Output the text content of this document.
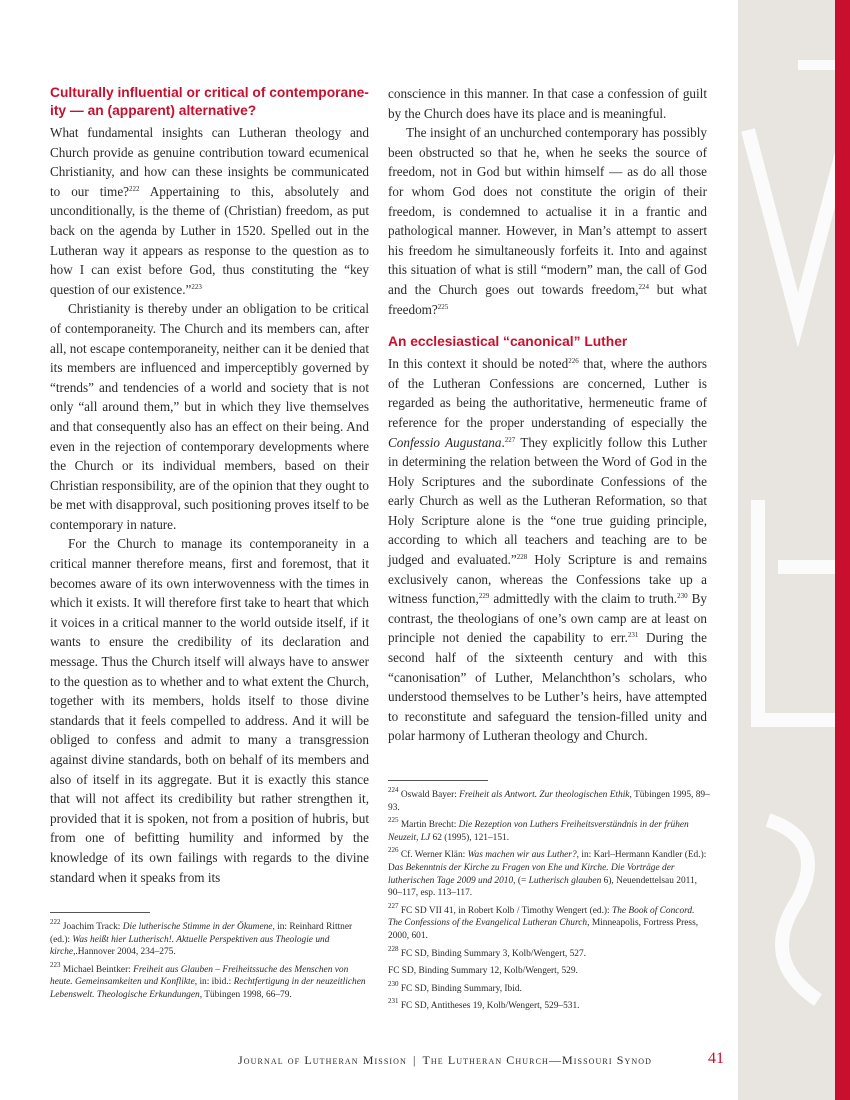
Culturally influential or critical of contemporane-ity — an (apparent) alternative?

What fundamental insights can Lutheran theology and Church provide as genuine contribution toward ecumenical Christianity, and how can these insights be communicated to our time?$^{222}$ Appertaining to this, absolutely and unconditionally, is the theme of (Christian) freedom, as put back on the agenda by Luther in 1520. Spelled out in the Lutheran way it appears as response to the question as to how I can exist before God, thus constituting the “key question of our existence.”$^{223}$

Christianity is thereby under an obligation to be critical of contemporaneity. The Church and its members can, after all, not escape contemporaneity, neither can it be denied that its members are influenced and imperceptibly governed by “trends” and tendencies of a world and society that is not only “all around them,” but in which they live themselves and that consequently also has an effect on their being. And even in the rejection of contemporary developments where the Church or its individual members, based on their Christian responsibility, are of the opinion that they ought to be met with disapproval, such positioning proves itself to be contemporary in nature.

For the Church to manage its contemporaneity in a critical manner therefore means, first and foremost, that it becomes aware of its own interwovenness with the times in which it exists. It will therefore first take to heart that which it voices in a critical manner to the world outside itself, if it wants to ensure the credibility of its declaration and message. Thus the Church itself will always have to answer to the question as to whether and to what extent the Church, together with its members, holds itself to those divine standards that it feels compelled to address. And it will be obliged to confess and admit to many a transgression against divine standards, both on behalf of its members and also of itself in its aggregate. But it is exactly this stance that will not affect its credibility but rather strengthen it, provided that it is spoken, not from a position of hubris, but from one of befitting humility and informed by the knowledge of its own failings with regards to the divine standard when it speaks from its

conscience in this manner. In that case a confession of guilt by the Church does have its place and is meaningful.

The insight of an unchurched contemporary has possibly been obstructed so that he, when he seeks the source of freedom, not in God but within himself — as do all those for whom God does not constitute the origin of their freedom, is condemned to actualise it in a frantic and pathological manner. However, in Man’s attempt to assert his freedom he simultaneously forfeits it. Into and against this situation of what is still “modern” man, the call of God and the Church goes out towards freedom,$^{224}$ but what freedom?$^{225}$

An ecclesiastical “canonical” Luther

In this context it should be noted$^{226}$ that, where the authors of the Lutheran Confessions are concerned, Luther is regarded as being the authoritative, hermeneutic frame of reference for the proper understanding of especially the Confessio Augustana.$^{227}$ They explicitly follow this Luther in determining the relation between the Word of God in the Holy Scriptures and the subordinate Confessions of the early Church as well as the Lutheran Reformation, so that Holy Scripture alone is the “one true guiding principle, according to which all teachers and teaching are to be judged and evaluated.”$^{228}$ Holy Scripture is and remains exclusively canon, whereas the Confessions take up a witness function,$^{229}$ admittedly with the claim to truth.$^{230}$ By contrast, the theologians of one’s own camp are at least on principle not denied the capability to err.$^{231}$ During the second half of the sixteenth century and with this “canonisation” of Luther, Melanchthon’s scholars, who understood themselves to be Luther’s heirs, have attempted to reconstitute and safeguard the tension-filled unity and polar harmony of Lutheran theology and Church.

$^{222}$ Joachim Track: Die lutherische Stimme in der Ökumene, in: Reinhard Rittner (ed.): Was heißt hier Lutherisch!. Aktuelle Perspektiven aus Theologie und kirche,.Hannover 2004, 234–275.

$^{223}$ Michael Beintker: Freiheit aus Glauben – Freiheitssuche des Menschen von heute. Gemeinsamkeiten und Konflikte, in: ibid.: Rechtfertigung in der neuzeitlichen Lebenswelt. Theologische Erkundungen, Tübingen 1998, 66–79.

$^{224}$ Oswald Bayer: Freiheit als Antwort. Zur theologischen Ethik, Tübingen 1995, 89–93.

$^{225}$ Martin Brecht: Die Rezeption von Luthers Freiheitsverständnis in der frühen Neuzeit, LJ 62 (1995), 121–151.

$^{226}$ Cf. Werner Klän: Was machen wir aus Luther?, in: Karl–Hermann Kandler (Ed.): Das Bekenntnis der Kirche zu Fragen von Ehe und Kirche. Die Vorträge der lutherischen Tage 2009 und 2010, (= Lutherisch glauben 6), Neuendettelsau 2011, 90–117, esp. 113–117.

$^{227}$ FC SD VII 41, in Robert Kolb / Timothy Wengert (ed.): The Book of Concord. The Confessions of the Evangelical Lutheran Church, Minneapolis, Fortress Press, 2000, 601.

$^{228}$ FC SD, Binding Summary 3, Kolb/Wengert, 527.

FC SD, Binding Summary 12, Kolb/Wengert, 529.

$^{230}$ FC SD, Binding Summary, Ibid.

$^{231}$ FC SD, Antitheses 19, Kolb/Wengert, 529–531.

Journal of Lutheran Mission | The Lutheran Church—Missouri Synod	41
